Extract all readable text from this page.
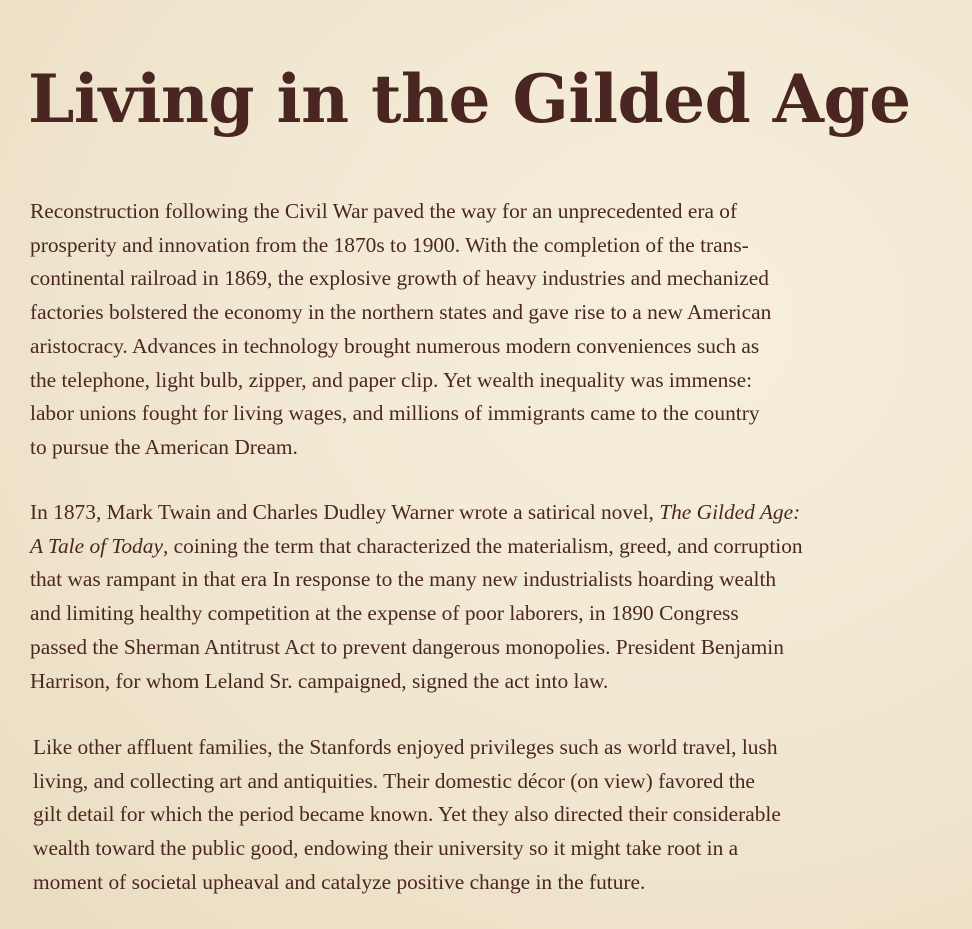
Living in the Gilded Age
Reconstruction following the Civil War paved the way for an unprecedented era of
prosperity and innovation from the 1870s to 1900. With the completion of the trans-
continental railroad in 1869, the explosive growth of heavy industries and mechanized
factories bolstered the economy in the northern states and gave rise to a new American
aristocracy. Advances in technology brought numerous modern conveniences such as
the telephone, light bulb, zipper, and paper clip. Yet wealth inequality was immense:
labor unions fought for living wages, and millions of immigrants came to the country
to pursue the American Dream.
In 1873, Mark Twain and Charles Dudley Warner wrote a satirical novel, The Gilded Age:
A Tale of Today, coining the term that characterized the materialism, greed, and corruption
that was rampant in that era In response to the many new industrialists hoarding wealth
and limiting healthy competition at the expense of poor laborers, in 1890 Congress
passed the Sherman Antitrust Act to prevent dangerous monopolies. President Benjamin
Harrison, for whom Leland Sr. campaigned, signed the act into law.
Like other affluent families, the Stanfords enjoyed privileges such as world travel, lush
living, and collecting art and antiquities. Their domestic décor (on view) favored the
gilt detail for which the period became known. Yet they also directed their considerable
wealth toward the public good, endowing their university so it might take root in a
moment of societal upheaval and catalyze positive change in the future.
